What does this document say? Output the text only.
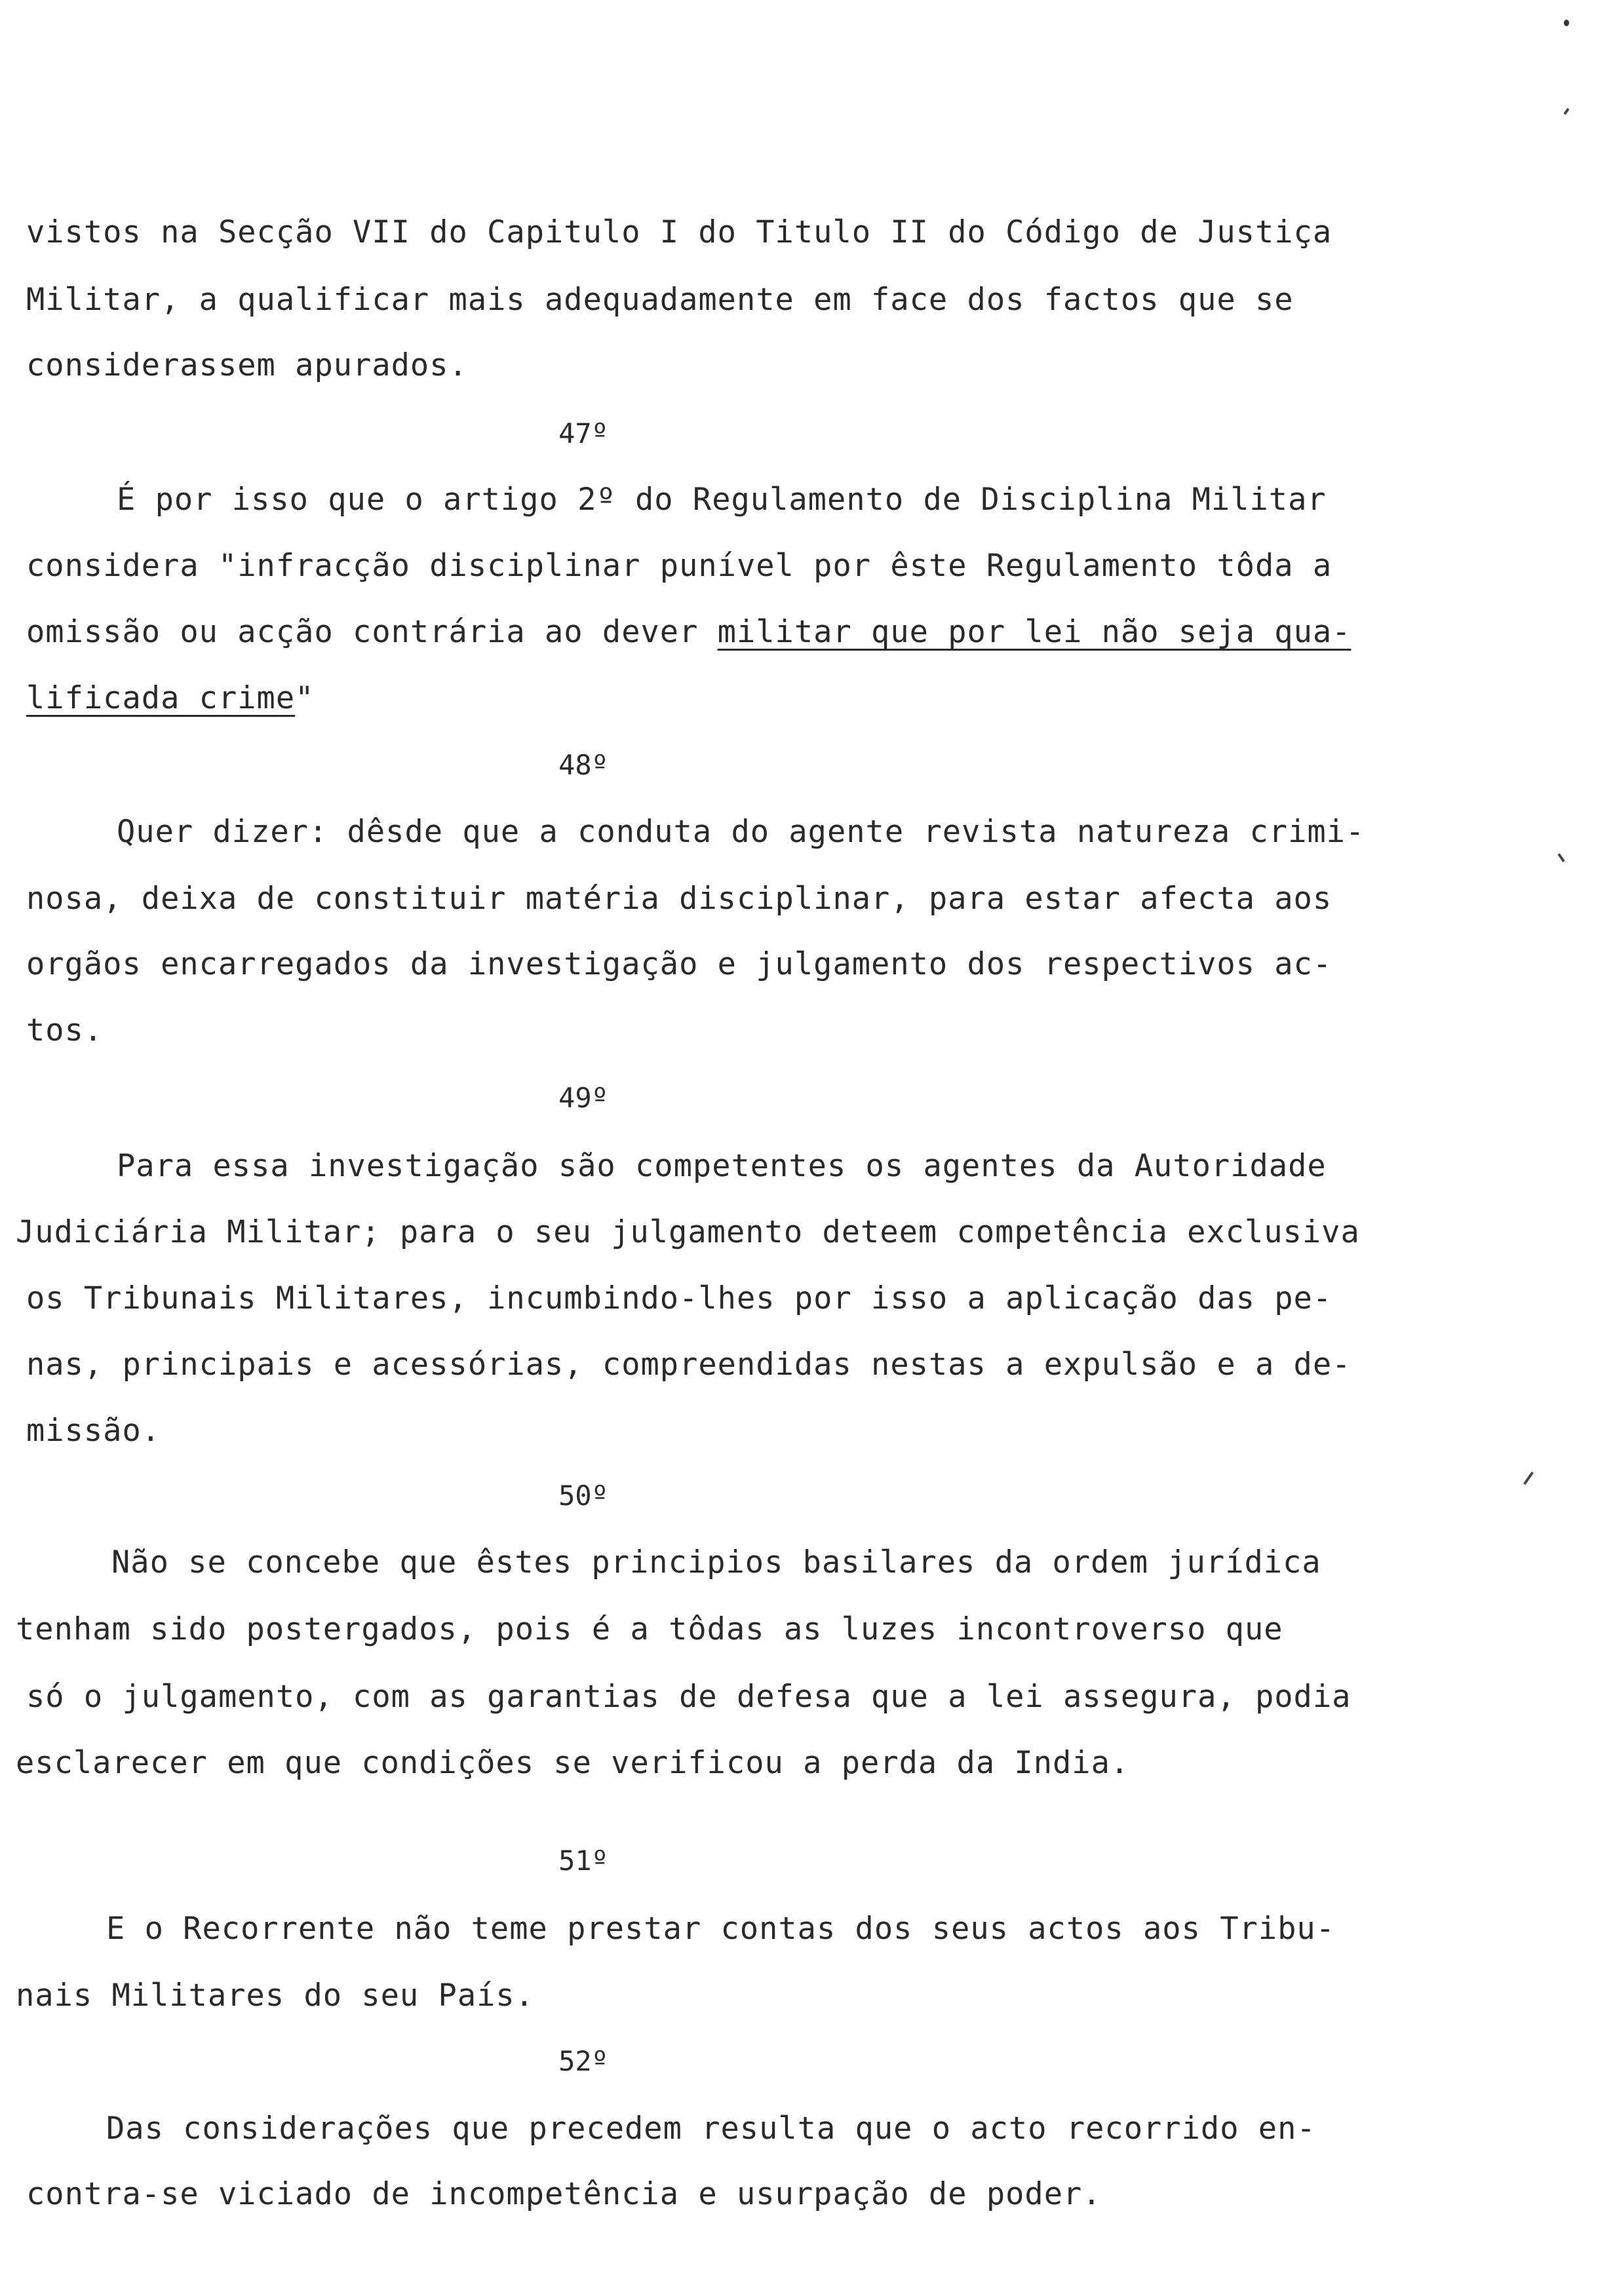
vistos na Secção VII do Capitulo I do Titulo II do Código de Justiça
Militar, a qualificar mais adequadamente em face dos factos que se
considerassem apurados.
47º
É por isso que o artigo 2º do Regulamento de Disciplina Militar
considera "infracção disciplinar punível por êste Regulamento tôda a
omissão ou acção contrária ao dever militar que por lei não seja qua-
lificada crime"
48º
Quer dizer: dêsde que a conduta do agente revista natureza crimi-
nosa, deixa de constituir matéria disciplinar, para estar afecta aos
orgãos encarregados da investigação e julgamento dos respectivos ac-
tos.
49º
Para essa investigação são competentes os agentes da Autoridade
Judiciária Militar; para o seu julgamento deteem competência exclusiva
os Tribunais Militares, incumbindo-lhes por isso a aplicação das pe-
nas, principais e acessórias, compreendidas nestas a expulsão e a de-
missão.
50º
Não se concebe que êstes principios basilares da ordem jurídica
tenham sido postergados, pois é a tôdas as luzes incontroverso que
só o julgamento, com as garantias de defesa que a lei assegura, podia
esclarecer em que condições se verificou a perda da India.
51º
E o Recorrente não teme prestar contas dos seus actos aos Tribu-
nais Militares do seu País.
52º
Das considerações que precedem resulta que o acto recorrido en-
contra-se viciado de incompetência e usurpação de poder.
